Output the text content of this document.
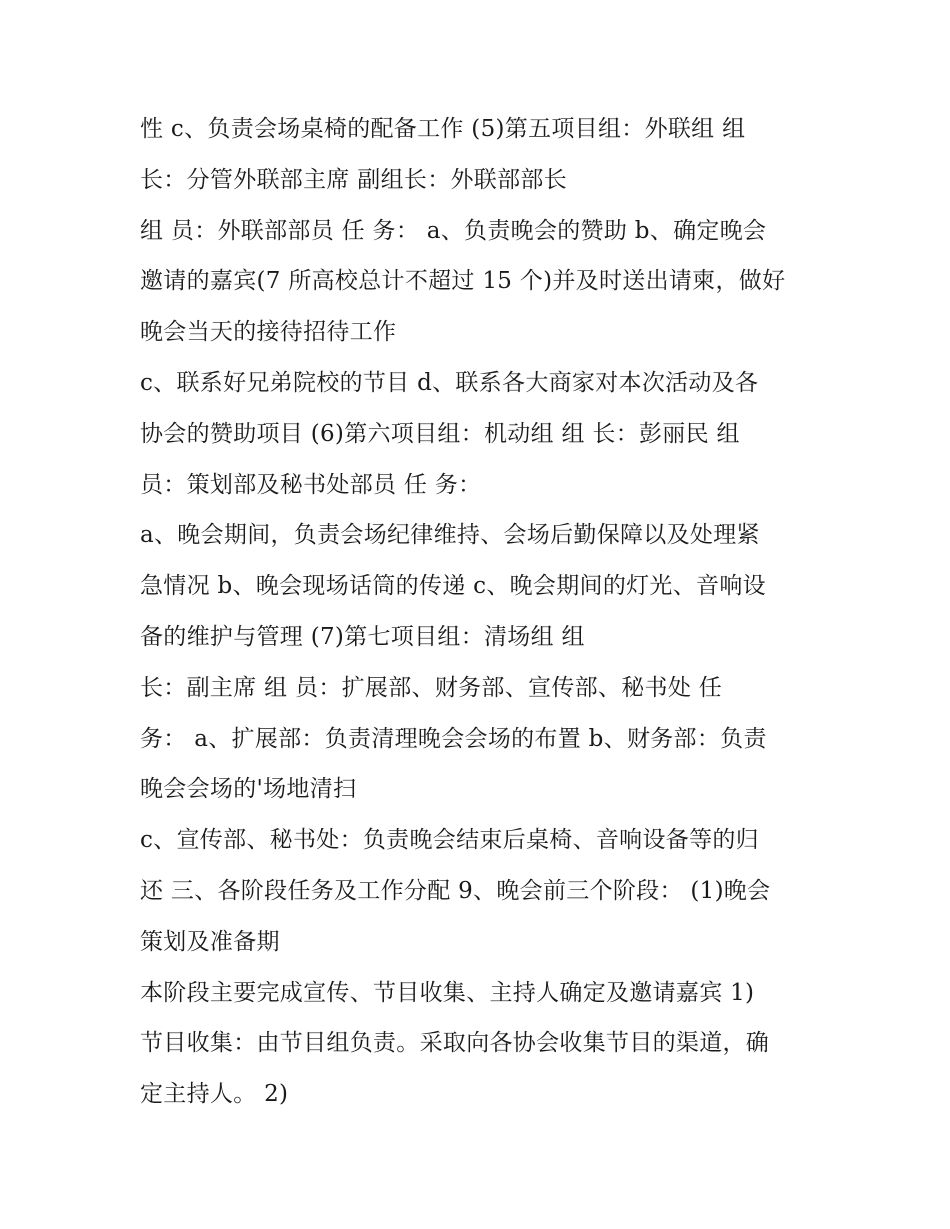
性 c、负责会场桌椅的配备工作 (5)第五项目组：外联组 组
长：分管外联部主席 副组长：外联部部长
组 员：外联部部员 任 务： a、负责晚会的赞助 b、确定晚会
邀请的嘉宾(7 所高校总计不超过 15 个)并及时送出请柬，做好
晚会当天的接待招待工作
c、联系好兄弟院校的节目 d、联系各大商家对本次活动及各
协会的赞助项目 (6)第六项目组：机动组 组 长：彭丽民 组
员：策划部及秘书处部员 任 务：
a、晚会期间，负责会场纪律维持、会场后勤保障以及处理紧
急情况 b、晚会现场话筒的传递 c、晚会期间的灯光、音响设
备的维护与管理 (7)第七项目组：清场组 组
长：副主席 组 员：扩展部、财务部、宣传部、秘书处 任
务： a、扩展部：负责清理晚会会场的布置 b、财务部：负责
晚会会场的'场地清扫
c、宣传部、秘书处：负责晚会结束后桌椅、音响设备等的归
还 三、各阶段任务及工作分配 9、晚会前三个阶段： (1)晚会
策划及准备期
本阶段主要完成宣传、节目收集、主持人确定及邀请嘉宾 1)
节目收集：由节目组负责。采取向各协会收集节目的渠道，确
定主持人。 2)
